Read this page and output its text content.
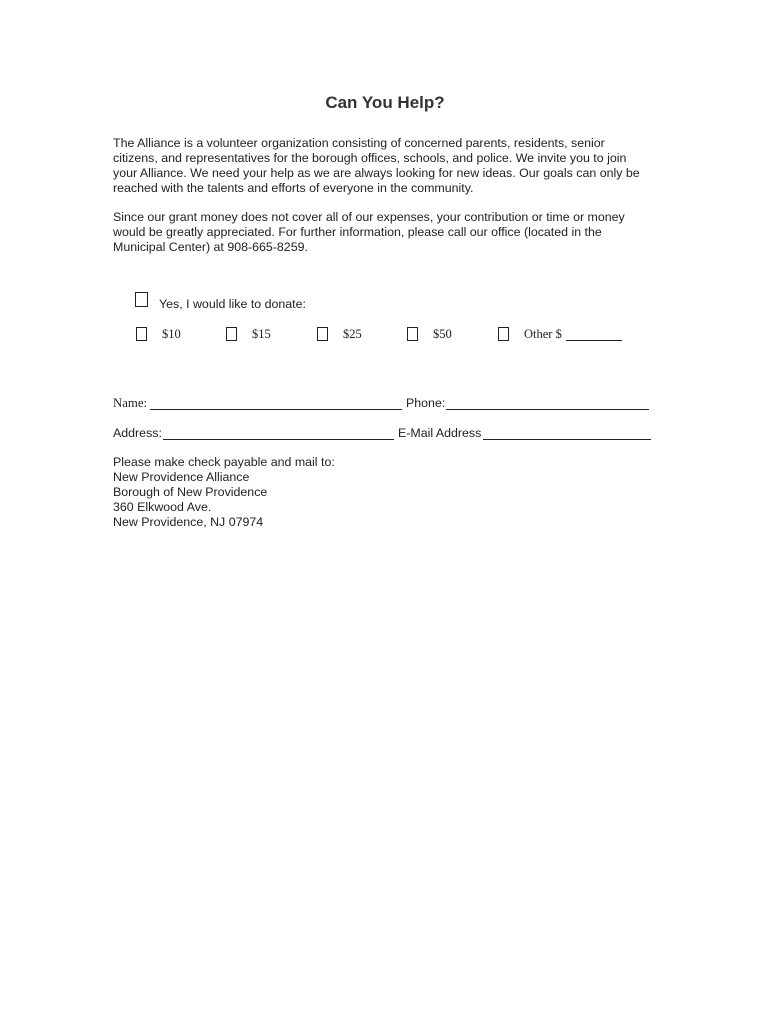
Can You Help?
The Alliance is a volunteer organization consisting of concerned parents, residents, senior
citizens, and representatives for the borough offices, schools, and police. We invite you to join
your Alliance. We need your help as we are always looking for new ideas. Our goals can only be
reached with the talents and efforts of everyone in the community.
Since our grant money does not cover all of our expenses, your contribution or time or money
would be greatly appreciated. For further information, please call our office (located in the
Municipal Center) at 908-665-8259.
Yes, I would like to donate:
$10	$15	$25	$50	Other $
Name:	Phone:
Address:	E-Mail Address
Please make check payable and mail to:
New Providence Alliance
Borough of New Providence
360 Elkwood Ave.
New Providence, NJ 07974
